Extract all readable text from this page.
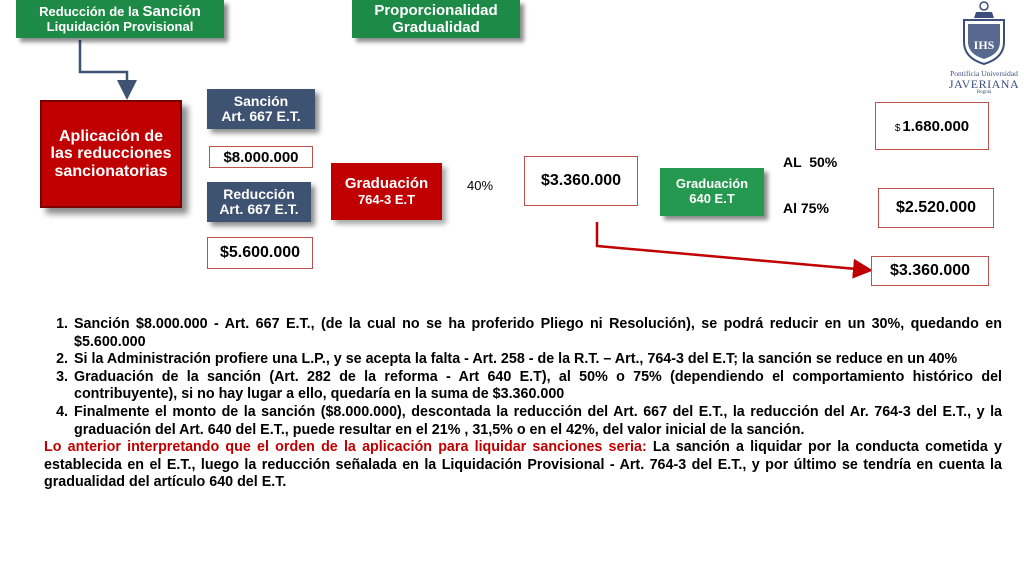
Reducción de la Sanción
Liquidación Provisional
Proporcionalidad
Gradualidad
IHS
Pontificia Universidad
JAVERIANA
Bogotá
Aplicación de
las reducciones
sancionatorias
Sanción
Art. 667 E.T.
$8.000.000
Reducción
Art. 667 E.T.
$5.600.000
Graduación
764-3 E.T
40%	$3.360.000	Graduación
640 E.T
AL  50%
Al 75%
$ 1.680.000
$2.520.000
$3.360.000
1. Sanción $8.000.000 - Art. 667 E.T., (de la cual no se ha proferido Pliego ni Resolución), se podrá reducir en un 30%, quedando en $5.600.000
2. Si la Administración profiere una L.P., y se acepta la falta - Art. 258 - de la R.T. – Art., 764-3 del E.T; la sanción se reduce en un 40%
3. Graduación de la sanción (Art. 282 de la reforma - Art 640 E.T), al 50% o 75% (dependiendo el comportamiento histórico del contribuyente), si no hay lugar a ello, quedaría en la suma de $3.360.000
4. Finalmente el monto de la sanción ($8.000.000), descontada la reducción del Art. 667 del E.T., la reducción del Ar. 764-3 del E.T., y la graduación del Art. 640 del E.T., puede resultar en el 21% , 31,5% o en el 42%, del valor inicial de la sanción.
Lo anterior interpretando que el orden de la aplicación para liquidar sanciones seria: La sanción a liquidar por la conducta cometida y establecida en el E.T., luego la reducción señalada en la Liquidación Provisional - Art. 764-3 del E.T., y por último se tendría en cuenta la gradualidad del artículo 640 del E.T.
